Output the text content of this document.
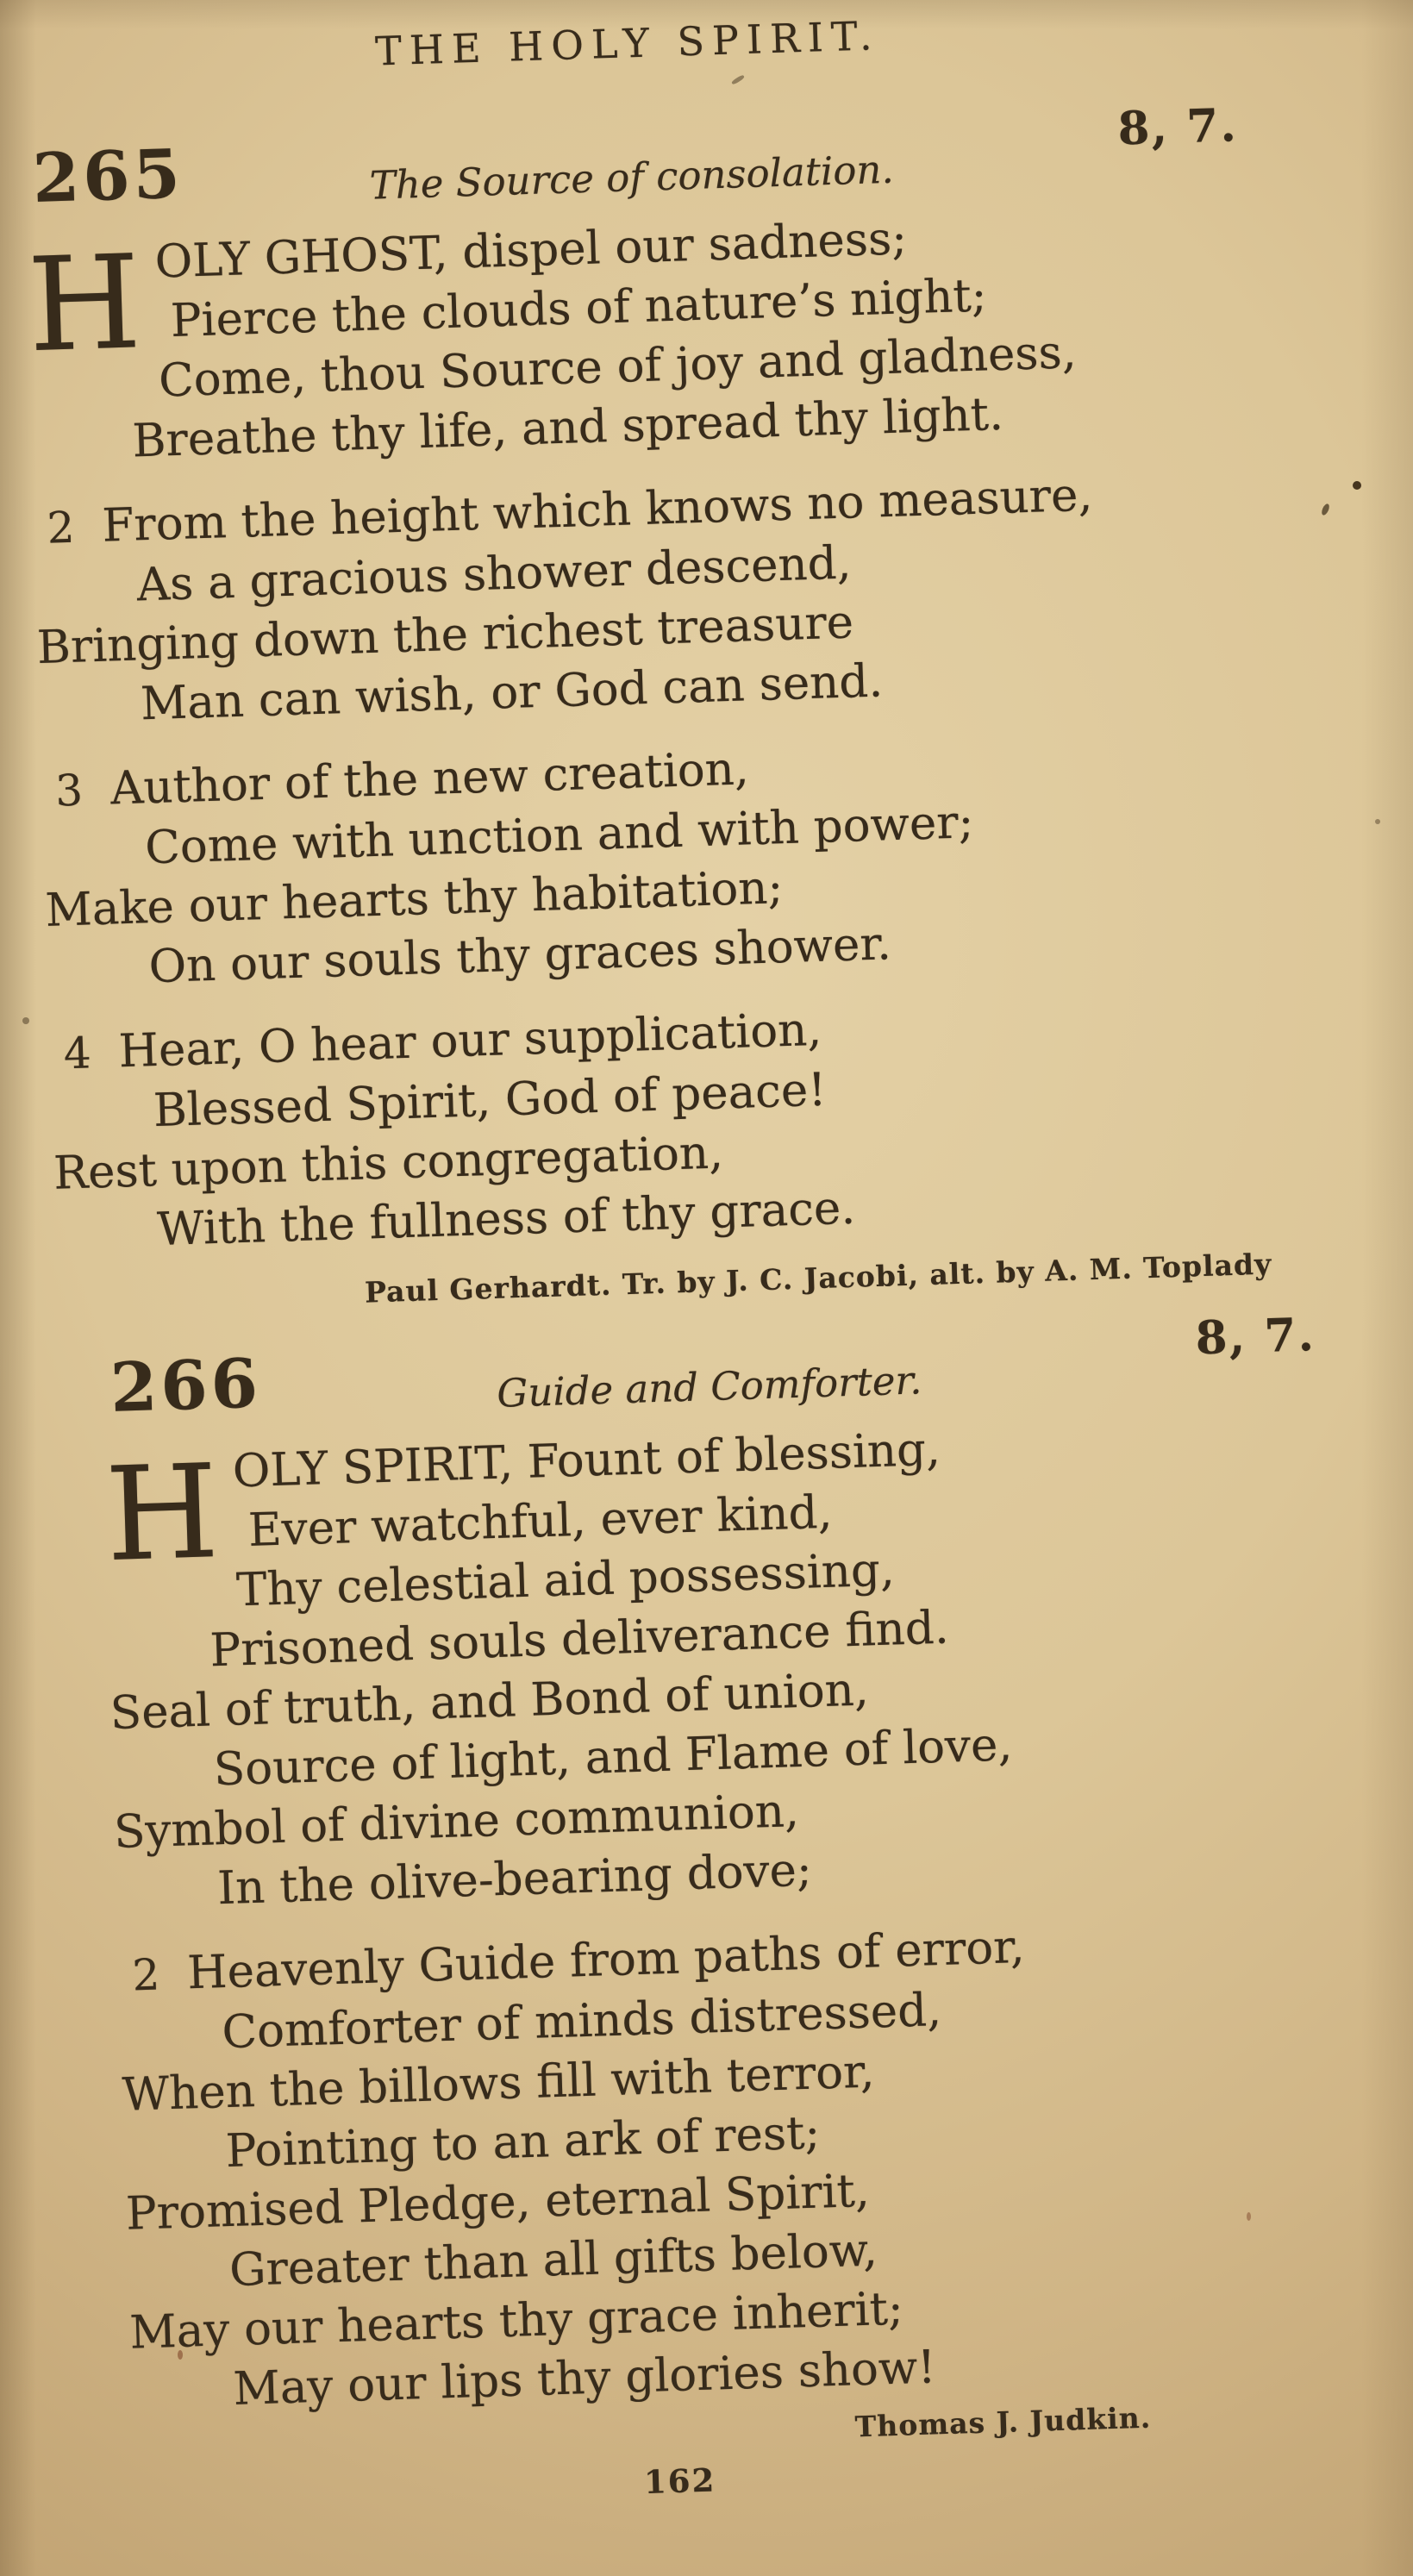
THE HOLY SPIRIT.
265	The Source of consolation.
8, 7.
H OLY GHOST, dispel our sadness;
Pierce the clouds of nature’s night;
Come, thou Source of joy and gladness,
Breathe thy life, and spread thy light.
2 From the height which knows no measure,
As a gracious shower descend,
Bringing down the richest treasure
Man can wish, or God can send.
3 Author of the new creation,
Come with unction and with power;
Make our hearts thy habitation;
On our souls thy graces shower.
4 Hear, O hear our supplication,
Blessed Spirit, God of peace!
Rest upon this congregation,
With the fullness of thy grace.
Paul Gerhardt. Tr. by J. C. Jacobi, alt. by A. M. Toplady
266	Guide and Comforter.
8, 7.
H OLY SPIRIT, Fount of blessing,
Ever watchful, ever kind,
Thy celestial aid possessing,
Prisoned souls deliverance find.
Seal of truth, and Bond of union,
Source of light, and Flame of love,
Symbol of divine communion,
In the olive-bearing dove;
2 Heavenly Guide from paths of error,
Comforter of minds distressed,
When the billows fill with terror,
Pointing to an ark of rest;
Promised Pledge, eternal Spirit,
Greater than all gifts below,
May our hearts thy grace inherit;
May our lips thy glories show!
Thomas J. Judkin.
162
